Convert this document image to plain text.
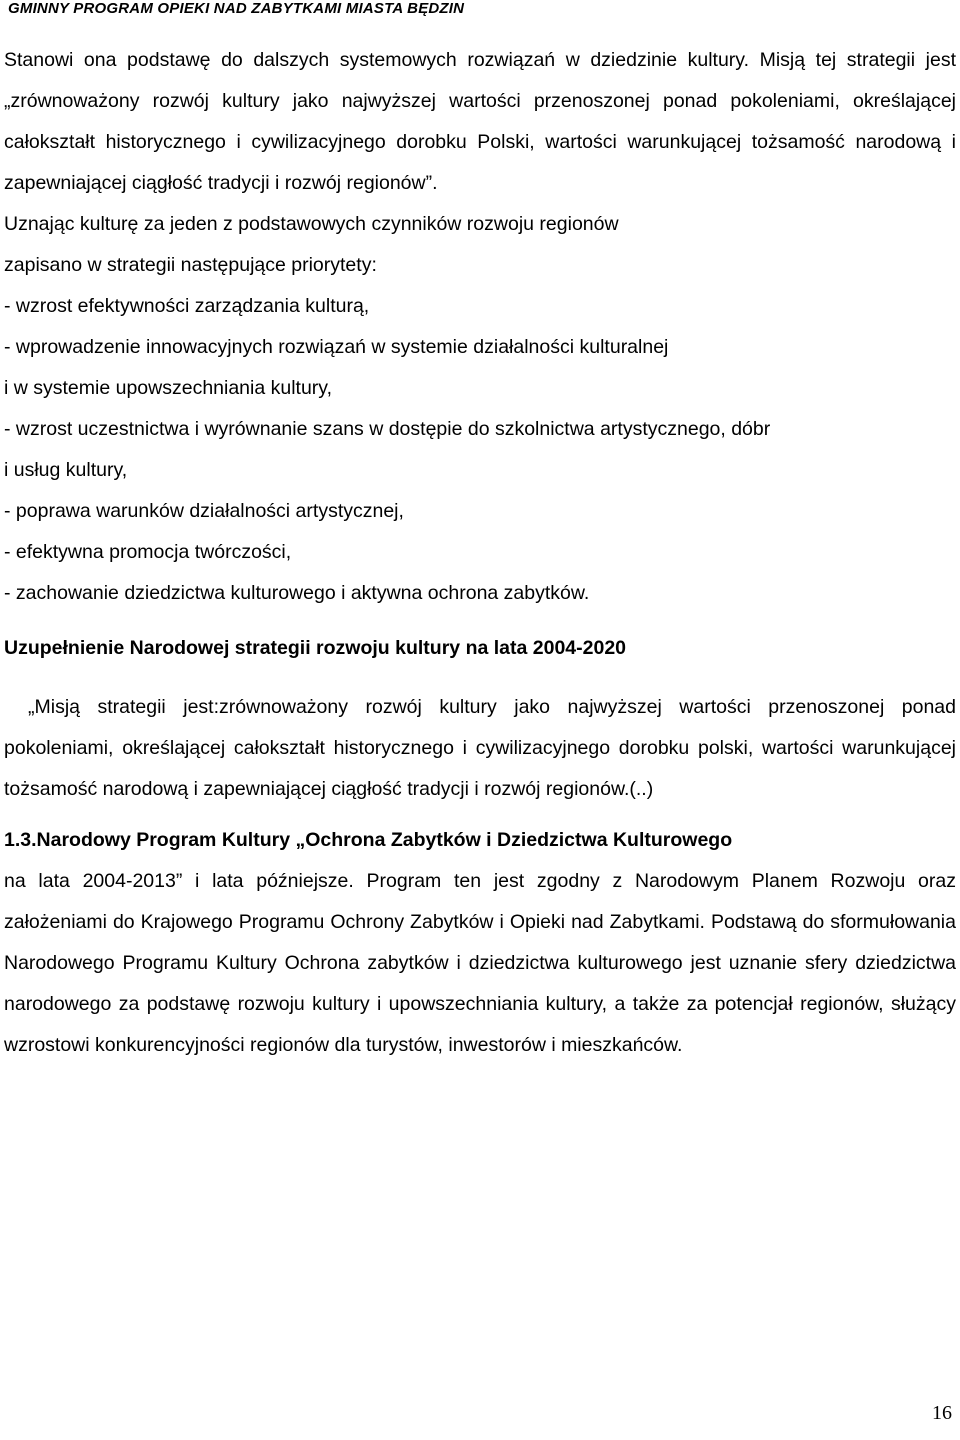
GMINNY PROGRAM OPIEKI NAD ZABYTKAMI MIASTA BĘDZIN

Stanowi ona podstawę do dalszych systemowych rozwiązań w dziedzinie kultury. Misją tej strategii jest „zrównoważony rozwój kultury jako najwyższej wartości przenoszonej ponad pokoleniami, określającej całokształt historycznego i cywilizacyjnego dorobku Polski, wartości warunkującej tożsamość narodową i zapewniającej ciągłość tradycji i rozwój regionów”.

Uznając kulturę za jeden z podstawowych czynników rozwoju regionów
zapisano w strategii następujące priorytety:
- wzrost efektywności zarządzania kulturą,
- wprowadzenie innowacyjnych rozwiązań w systemie działalności kulturalnej
i w systemie upowszechniania kultury,
- wzrost uczestnictwa i wyrównanie szans w dostępie do szkolnictwa artystycznego, dóbr
i usług kultury,
- poprawa warunków działalności artystycznej,
- efektywna promocja twórczości,
- zachowanie dziedzictwa kulturowego i aktywna ochrona zabytków.
Uzupełnienie Narodowej strategii rozwoju kultury na lata 2004-2020

„Misją strategii jest:zrównoważony rozwój kultury jako najwyższej wartości przenoszonej ponad pokoleniami, określającej całokształt historycznego i cywilizacyjnego dorobku polski, wartości warunkującej tożsamość narodową i zapewniającej ciągłość tradycji i rozwój regionów.(..)

1.3.Narodowy Program Kultury „Ochrona Zabytków i Dziedzictwa Kulturowego
na lata 2004-2013” i lata późniejsze. Program ten jest zgodny z Narodowym Planem Rozwoju oraz założeniami do Krajowego Programu Ochrony Zabytków i Opieki nad Zabytkami. Podstawą do sformułowania Narodowego Programu Kultury Ochrona zabytków i dziedzictwa kulturowego jest uznanie sfery dziedzictwa narodowego za podstawę rozwoju kultury i upowszechniania kultury, a także za potencjał regionów, służący wzrostowi konkurencyjności regionów dla turystów, inwestorów i mieszkańców.

16
